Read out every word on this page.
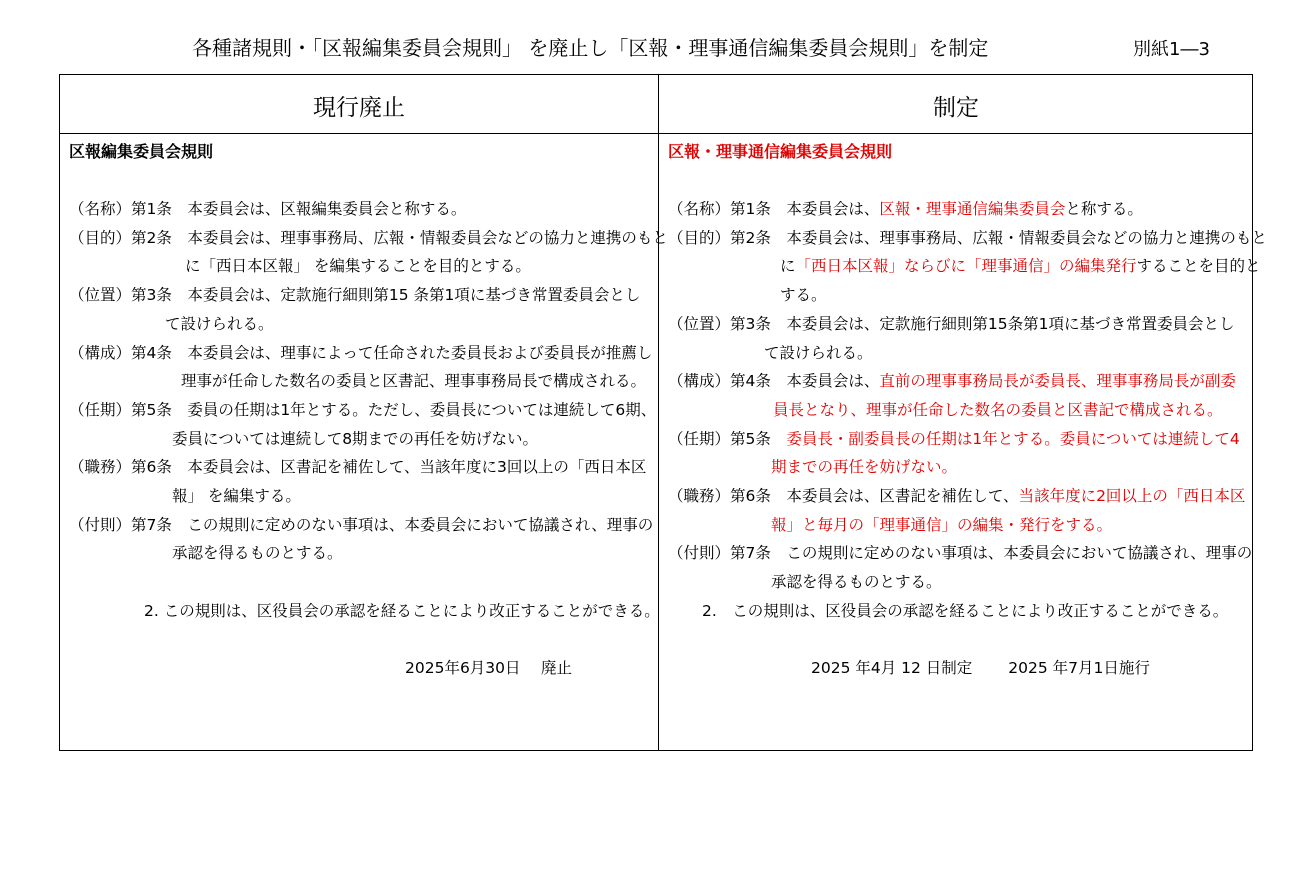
各種諸規則・「区報編集委員会規則」 を廃止し「区報・理事通信編集委員会規則」を制定	別紙1―3
現行廃止	制定
区報編集委員会規則
（名称）第1条　本委員会は、区報編集委員会と称する。
（目的）第2条　本委員会は、理事事務局、広報・情報委員会などの協力と連携のもと
に「西日本区報」 を編集することを目的とする。
（位置）第3条　本委員会は、定款施行細則第15 条第1項に基づき常置委員会とし
て設けられる。
（構成）第4条　本委員会は、理事によって任命された委員長および委員長が推薦し
理事が任命した数名の委員と区書記、理事事務局長で構成される。
（任期）第5条　委員の任期は1年とする。ただし、委員長については連続して6期、
委員については連続して8期までの再任を妨げない。
（職務）第6条　本委員会は、区書記を補佐して、当該年度に3回以上の「西日本区
報」 を編集する。
（付則）第7条　この規則に定めのない事項は、本委員会において協議され、理事の
承認を得るものとする。
2. この規則は、区役員会の承認を経ることにより改正することができる。
2025年6月30日　 廃止
区報・理事通信編集委員会規則
（名称）第1条　本委員会は、区報・理事通信編集委員会と称する。
（目的）第2条　本委員会は、理事事務局、広報・情報委員会などの協力と連携のもと
に「西日本区報」ならびに「理事通信」の編集発行することを目的と
する。
（位置）第3条　本委員会は、定款施行細則第15条第1項に基づき常置委員会とし
て設けられる。
（構成）第4条　本委員会は、直前の理事事務局長が委員長、理事事務局長が副委
員長となり、理事が任命した数名の委員と区書記で構成される。
（任期）第5条　委員長・副委員長の任期は1年とする。委員については連続して4
期までの再任を妨げない。
（職務）第6条　本委員会は、区書記を補佐して、当該年度に2回以上の「西日本区
報」と毎月の「理事通信」の編集・発行をする。
（付則）第7条　この規則に定めのない事項は、本委員会において協議され、理事の
承認を得るものとする。
2.　この規則は、区役員会の承認を経ることにより改正することができる。
2025 年4月 12 日制定　　 2025 年7月1日施行
